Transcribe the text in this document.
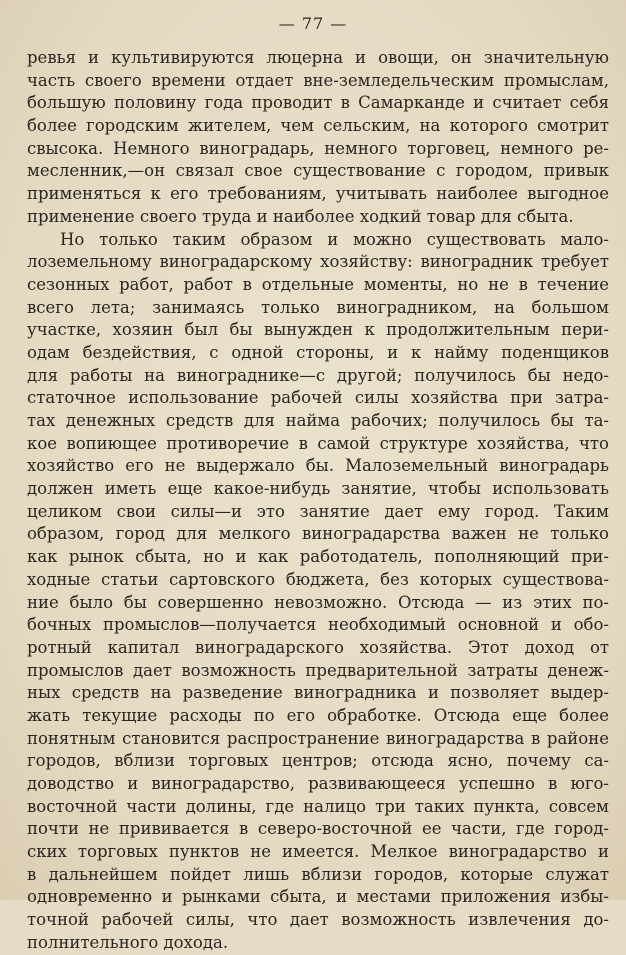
— 77 —
ревья и культивируются люцерна и овощи, он значительную
часть своего времени отдает вне-земледельческим промыслам,
большую половину года проводит в Самарканде и считает себя
более городским жителем, чем сельским, на которого смотрит
свысока. Немного виноградарь, немного торговец, немного ре-
месленник,—он связал свое существование с городом, привык
применяться к его требованиям, учитывать наиболее выгодное
применение своего труда и наиболее ходкий товар для сбыта.
Но только таким образом и можно существовать мало-
лоземельному виноградарскому хозяйству: виноградник требует
сезонных работ, работ в отдельные моменты, но не в течение
всего лета; занимаясь только виноградником, на большом
участке, хозяин был бы вынужден к продолжительным пери-
одам бездействия, с одной стороны, и к найму поденщиков
для работы на винограднике—с другой; получилось бы недо-
статочное использование рабочей силы хозяйства при затра-
тах денежных средств для найма рабочих; получилось бы та-
кое вопиющее противоречие в самой структуре хозяйства, что
хозяйство его не выдержало бы. Малоземельный виноградарь
должен иметь еще какое-нибудь занятие, чтобы использовать
целиком свои силы—и это занятие дает ему город. Таким
образом, город для мелкого виноградарства важен не только
как рынок сбыта, но и как работодатель, пополняющий при-
ходные статьи сартовского бюджета, без которых существова-
ние было бы совершенно невозможно. Отсюда — из этих по-
бочных промыслов—получается необходимый основной и обо-
ротный капитал виноградарского хозяйства. Этот доход от
промыслов дает возможность предварительной затраты денеж-
ных средств на разведение виноградника и позволяет выдер-
жать текущие расходы по его обработке. Отсюда еще более
понятным становится распространение виноградарства в районе
городов, вблизи торговых центров; отсюда ясно, почему са-
доводство и виноградарство, развивающееся успешно в юго-
восточной части долины, где налицо три таких пункта, совсем
почти не прививается в северо-восточной ее части, где город-
ских торговых пунктов не имеется. Мелкое виноградарство и
в дальнейшем пойдет лишь вблизи городов, которые служат
одновременно и рынками сбыта, и местами приложения избы-
точной рабочей силы, что дает возможность извлечения до-
полнительного дохода.
